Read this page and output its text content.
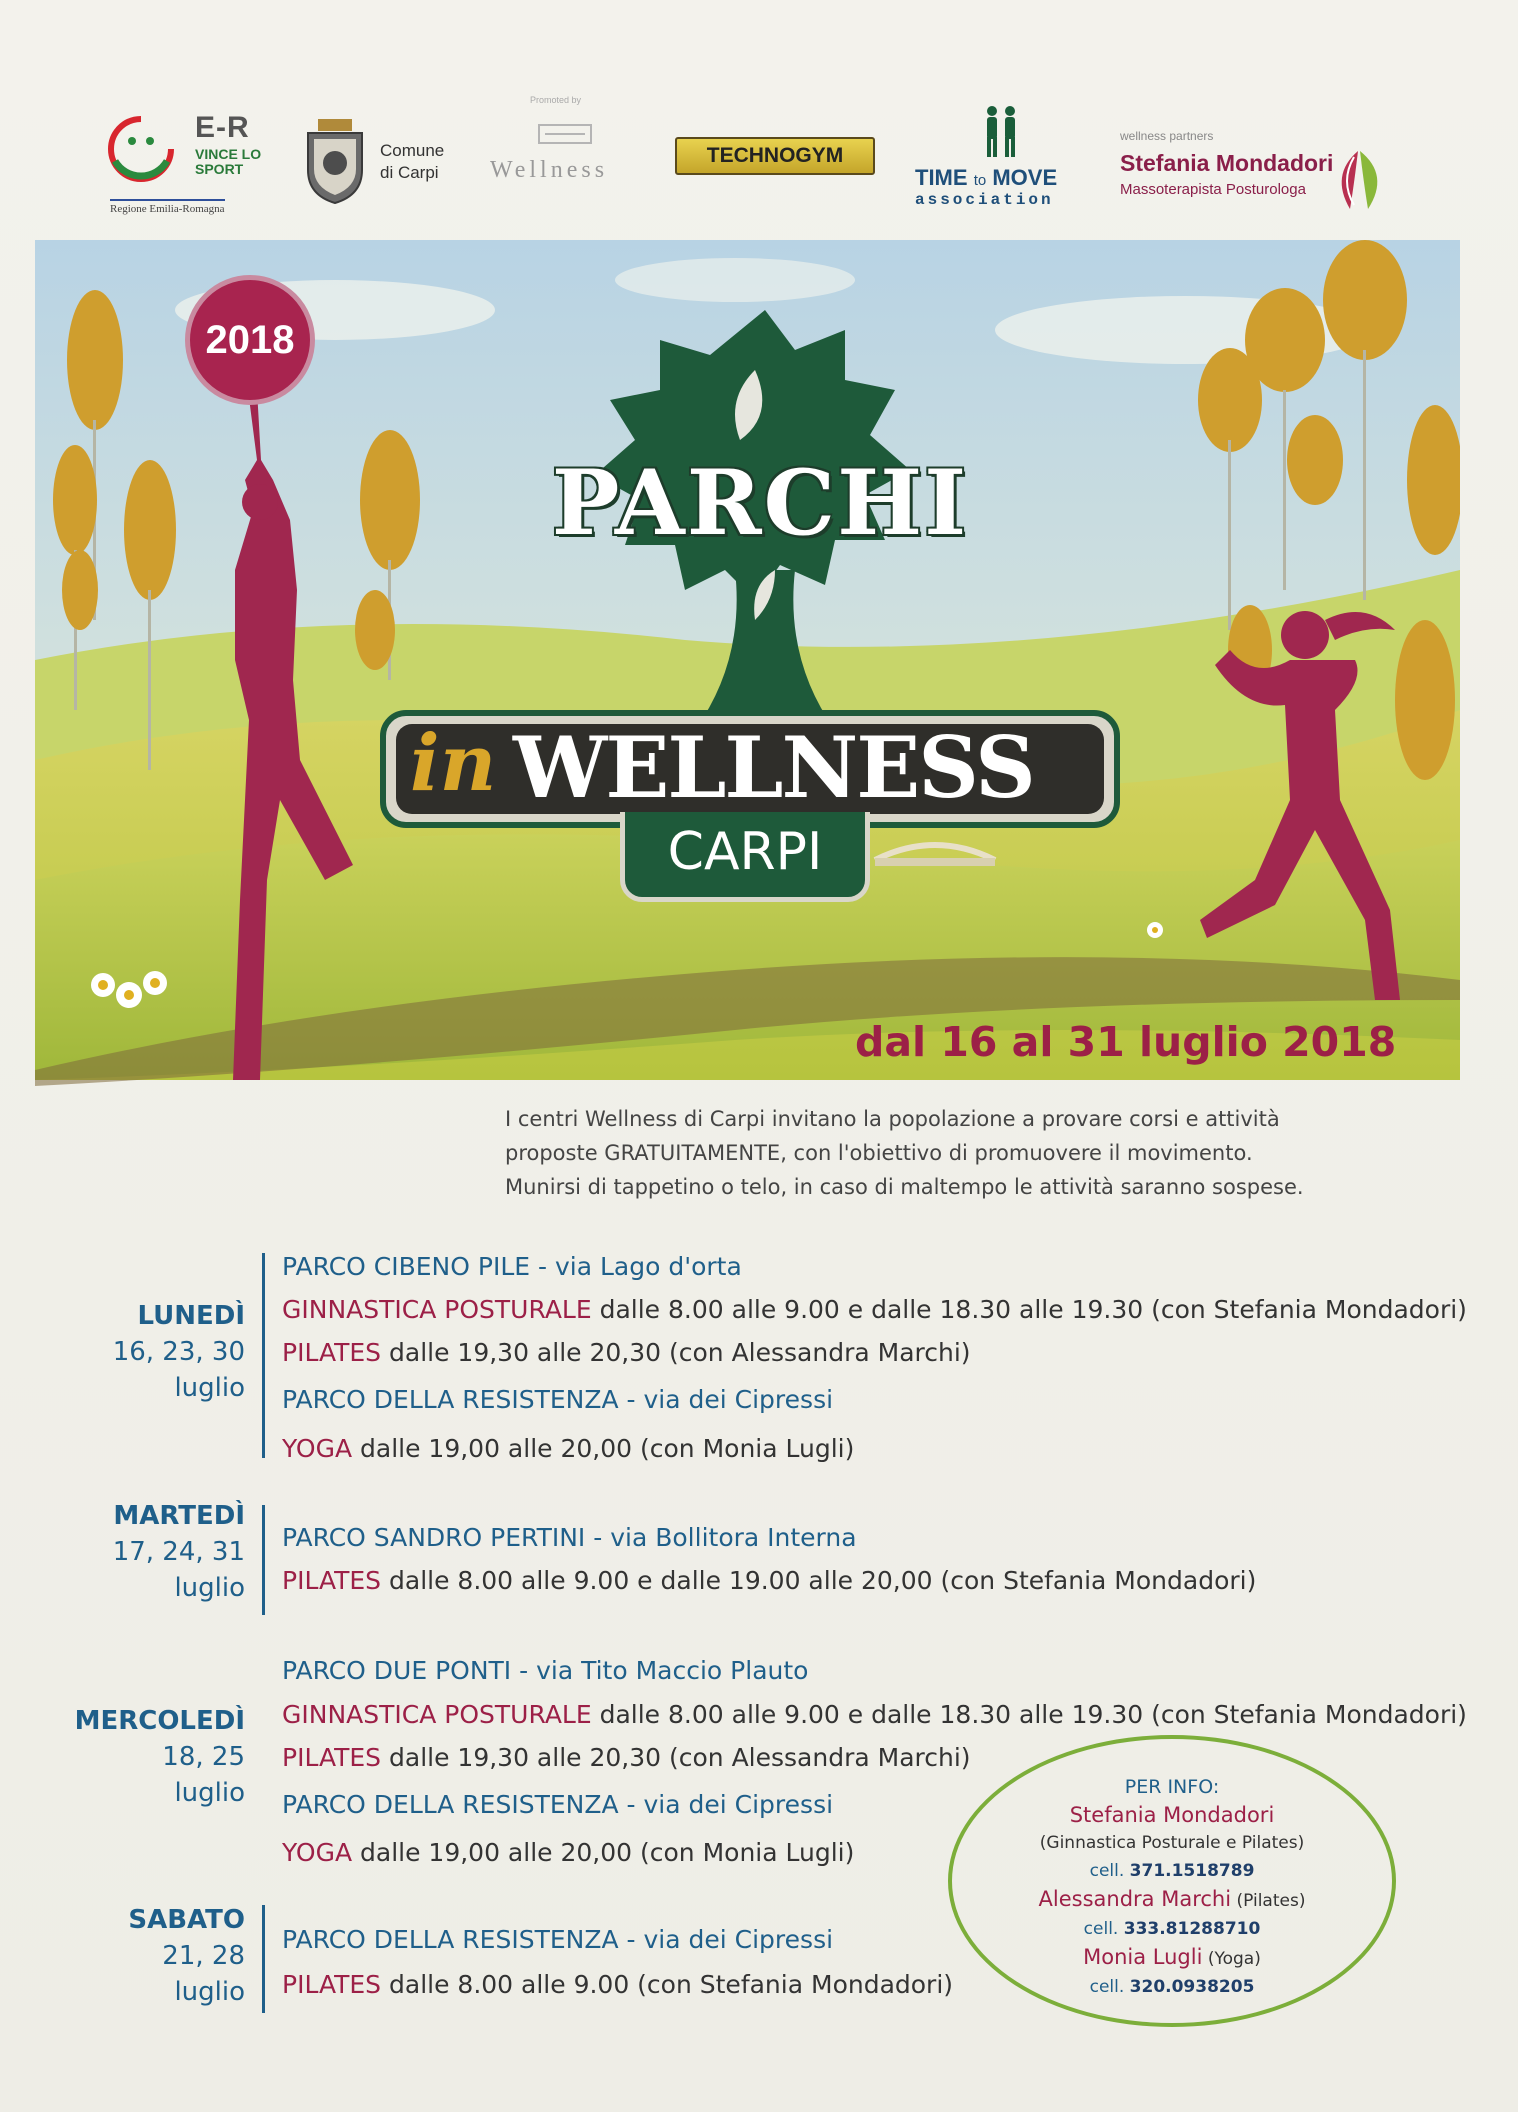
E-R
VINCE LO SPORT
Regione Emilia-Romagna
Comune
di Carpi
Promoted by
Wellness
TECHNOGYM
TIME to MOVE
association
wellness partners
Stefania Mondadori
Massoterapista Posturologa
2018
PARCHI
in WELLNESS
CARPI
dal 16 al 31 luglio 2018

I centri Wellness di Carpi invitano la popolazione a provare corsi e attività

proposte GRATUITAMENTE, con l'obiettivo di promuovere il movimento.

Munirsi di tappetino o telo, in caso di maltempo le attività saranno sospese.

LUNEDÌ
16, 23, 30
luglio
PARCO CIBENO PILE - via Lago d'orta
GINNASTICA POSTURALE dalle 8.00 alle 9.00 e dalle 18.30 alle 19.30 (con Stefania Mondadori)
PILATES dalle 19,30 alle 20,30 (con Alessandra Marchi)
PARCO DELLA RESISTENZA - via dei Cipressi
YOGA dalle 19,00 alle 20,00 (con Monia Lugli)
MARTEDÌ
17, 24, 31
luglio
PARCO SANDRO PERTINI - via Bollitora Interna
PILATES dalle 8.00 alle 9.00 e dalle 19.00 alle 20,00 (con Stefania Mondadori)
MERCOLEDÌ
18, 25
luglio
PARCO DUE PONTI - via Tito Maccio Plauto
GINNASTICA POSTURALE dalle 8.00 alle 9.00 e dalle 18.30 alle 19.30 (con Stefania Mondadori)
PILATES dalle 19,30 alle 20,30 (con Alessandra Marchi)
PARCO DELLA RESISTENZA - via dei Cipressi
YOGA dalle 19,00 alle 20,00 (con Monia Lugli)
SABATO
21, 28
luglio
PARCO DELLA RESISTENZA - via dei Cipressi
PILATES dalle 8.00 alle 9.00 (con Stefania Mondadori)
PER INFO:
Stefania Mondadori
(Ginnastica Posturale e Pilates)
cell. 371.1518789
Alessandra Marchi (Pilates)
cell. 333.81288710
Monia Lugli (Yoga)
cell. 320.0938205
